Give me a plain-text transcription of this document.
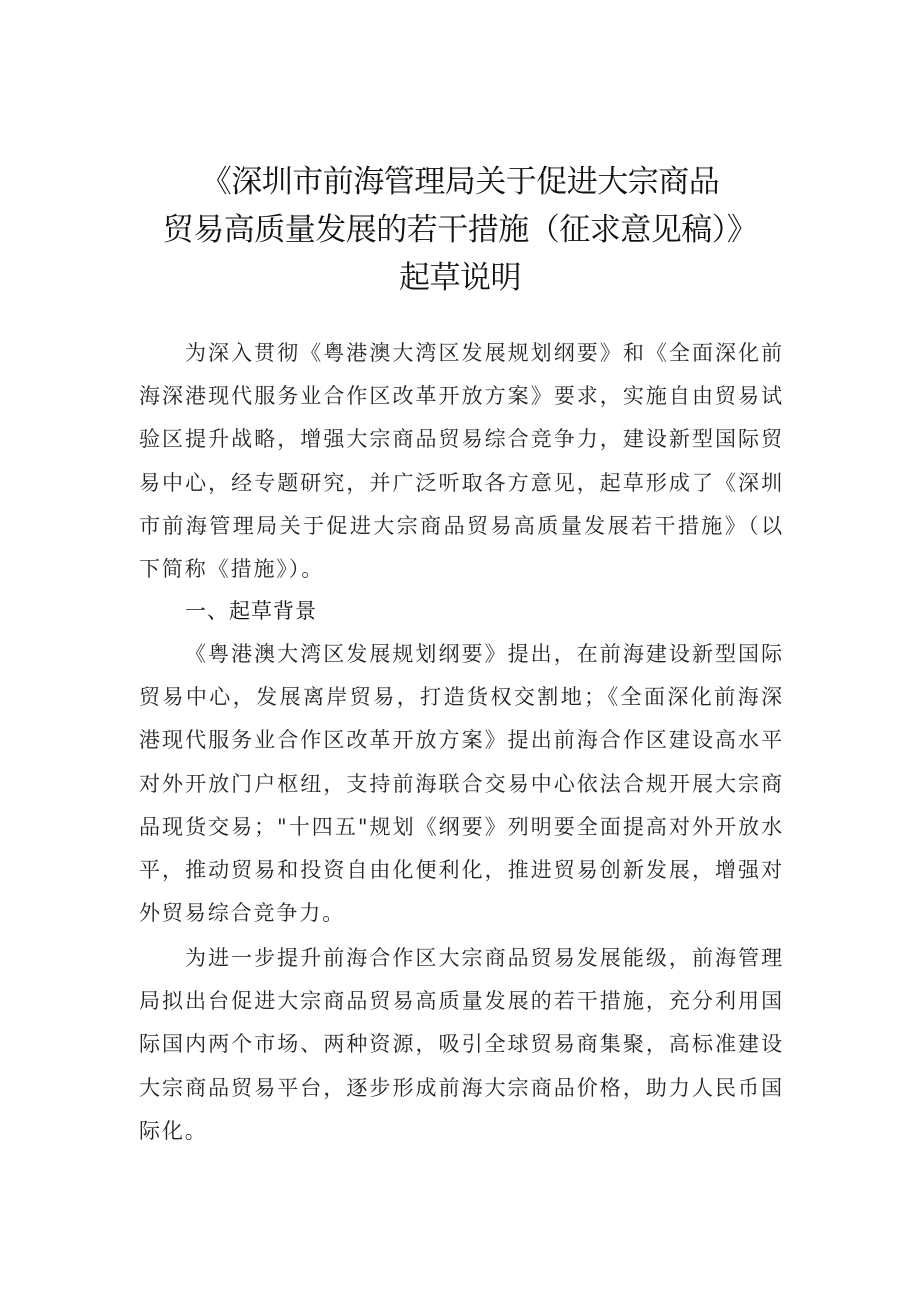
《深圳市前海管理局关于促进大宗商品
贸易高质量发展的若干措施（征求意见稿）》
起草说明

为深入贯彻《粤港澳大湾区发展规划纲要》和《全面深化前海深港现代服务业合作区改革开放方案》要求，实施自由贸易试验区提升战略，增强大宗商品贸易综合竞争力，建设新型国际贸易中心，经专题研究，并广泛听取各方意见，起草形成了《深圳市前海管理局关于促进大宗商品贸易高质量发展若干措施》（以下简称《措施》）。

一、起草背景

《粤港澳大湾区发展规划纲要》提出，在前海建设新型国际贸易中心，发展离岸贸易，打造货权交割地；《全面深化前海深港现代服务业合作区改革开放方案》提出前海合作区建设高水平对外开放门户枢纽，支持前海联合交易中心依法合规开展大宗商品现货交易；"十四五"规划《纲要》列明要全面提高对外开放水平，推动贸易和投资自由化便利化，推进贸易创新发展，增强对外贸易综合竞争力。

为进一步提升前海合作区大宗商品贸易发展能级，前海管理局拟出台促进大宗商品贸易高质量发展的若干措施，充分利用国际国内两个市场、两种资源，吸引全球贸易商集聚，高标准建设大宗商品贸易平台，逐步形成前海大宗商品价格，助力人民币国际化。
